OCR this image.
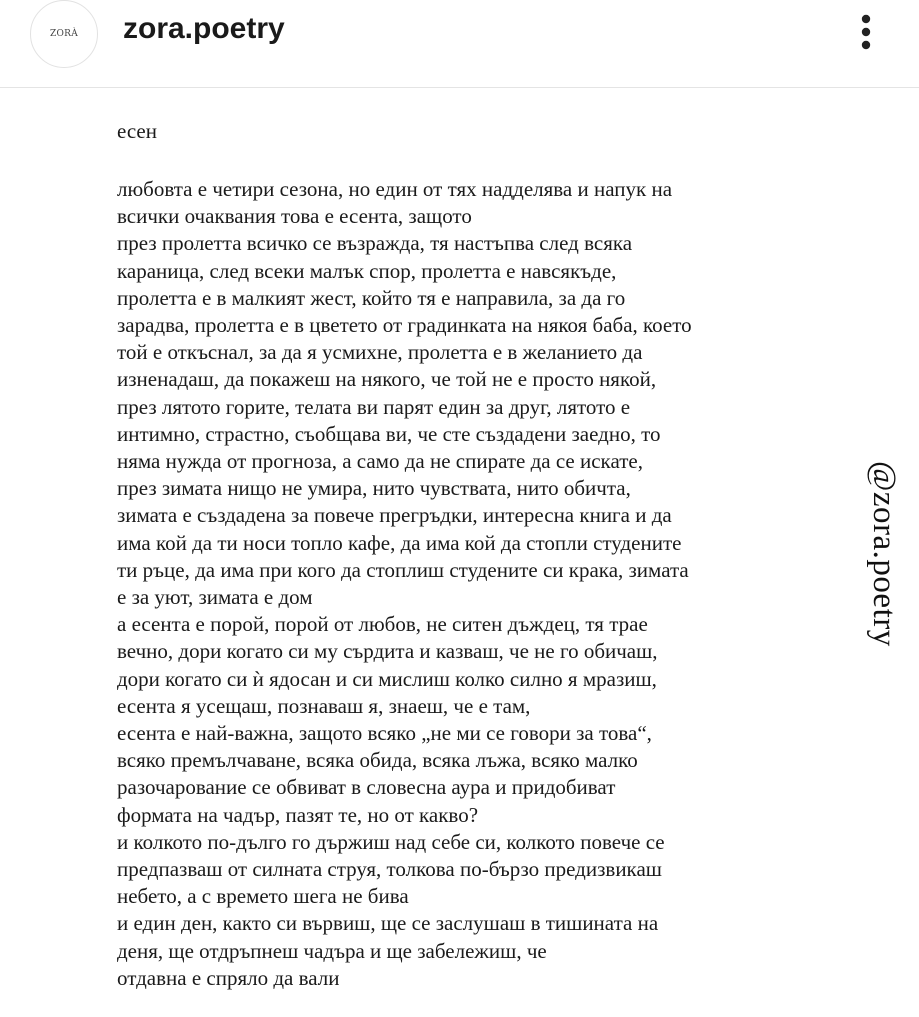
ZORÀ zora.poetry
есен
любовта е четири сезона, но един от тях надделява и напук на
всички очаквания това е есента, защото
през пролетта всичко се възражда, тя настъпва след всяка
караница, след всеки малък спор, пролетта е навсякъде,
пролетта е в малкият жест, който тя е направила, за да го
зарадва, пролетта е в цветето от градинката на някоя баба, което
той е откъснал, за да я усмихне, пролетта е в желанието да
изненадаш, да покажеш на някого, че той не е просто някой,
през лятото горите, телата ви парят един за друг, лятото е
интимно, страстно, съобщава ви, че сте създадени заедно, то
няма нужда от прогноза, а само да не спирате да се искате,
през зимата нищо не умира, нито чувствата, нито обичта,
зимата е създадена за повече прегръдки, интересна книга и да
има кой да ти носи топло кафе, да има кой да стопли студените
ти ръце, да има при кого да стоплиш студените си крака, зимата
е за уют, зимата е дом
а есента е порой, порой от любов, не ситен дъждец, тя трае
вечно, дори когато си му сърдита и казваш, че не го обичаш,
дори когато си ѝ ядосан и си мислиш колко силно я мразиш,
есента я усещаш, познаваш я, знаеш, че е там,
есента е най-важна, защото всяко „не ми се говори за това“,
всяко премълчаване, всяка обида, всяка лъжа, всяко малко
разочарование се обвиват в словесна аура и придобиват
формата на чадър, пазят те, но от какво?
и колкото по-дълго го държиш над себе си, колкото повече се
предпазваш от силната струя, толкова по-бързо предизвикаш
небето, а с времето шега не бива
и един ден, както си вървиш, ще се заслушаш в тишината на
деня, ще отдръпнеш чадъра и ще забележиш, че
отдавна е спряло да вали
@zora.poetry
